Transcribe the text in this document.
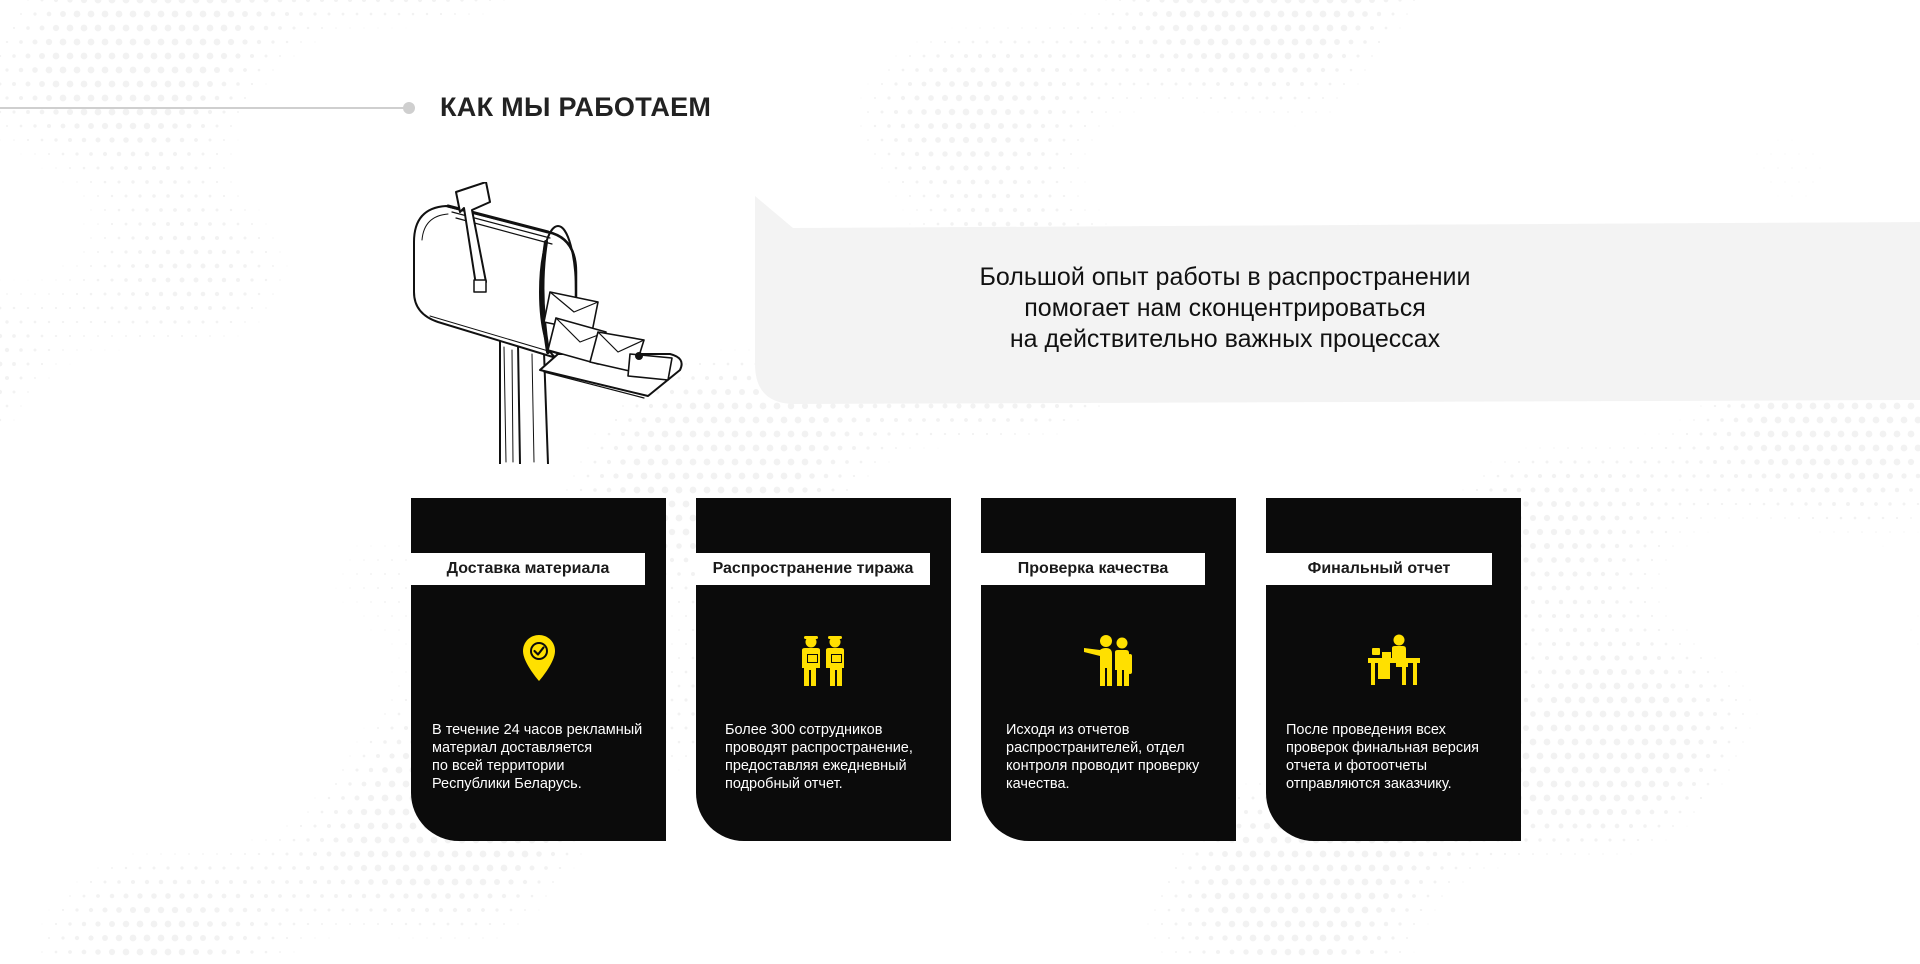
КАК МЫ РАБОТАЕМ
Большой опыт работы в распространении
помогает нам сконцентрироваться
на действительно важных процессах
Доставка материала
В течение 24 часов рекламный
материал доставляется
по всей территории
Республики Беларусь.
Распространение тиража
Более 300 сотрудников
проводят распространение,
предоставляя ежедневный
подробный отчет.
Проверка качества
Исходя из отчетов
распространителей, отдел
контроля проводит проверку
качества.
Финальный отчет
После проведения всех
проверок финальная версия
отчета и фотоотчеты
отправляются заказчику.
